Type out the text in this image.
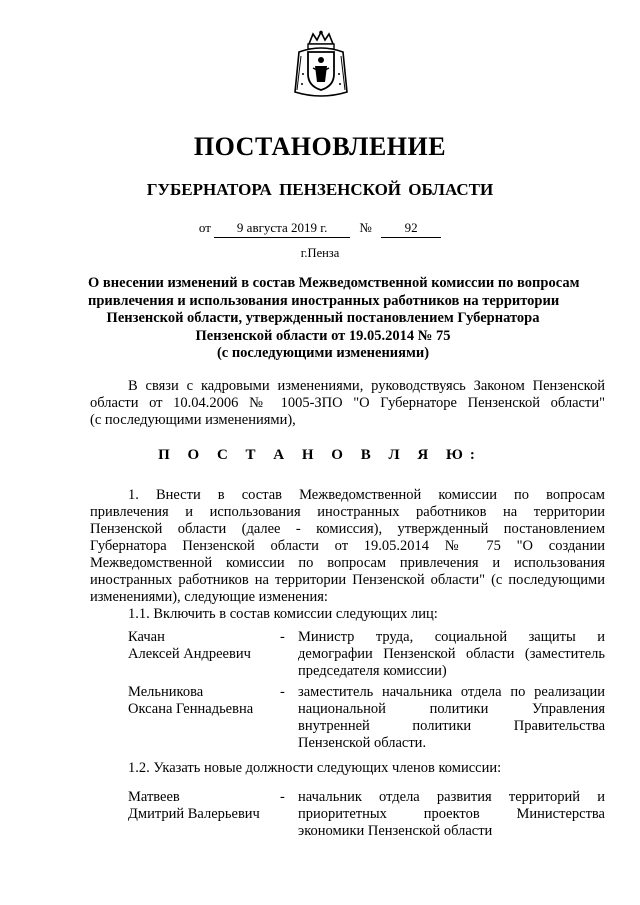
ПОСТАНОВЛЕНИЕ
ГУБЕРНАТОРА ПЕНЗЕНСКОЙ ОБЛАСТИ
от 9 августа 2019 г. №	92
г.Пенза
О внесении изменений в состав Межведомственной комиссии по вопросам
привлечения и использования иностранных работников на территории
Пензенской области, утвержденный постановлением Губернатора
Пензенской области от 19.05.2014 № 75
(с последующими изменениями)
В связи с кадровыми изменениями, руководствуясь Законом Пензенской
области от 10.04.2006 № 1005-ЗПО "О Губернаторе Пензенской области"
(с последующими изменениями),
П О С Т А Н О В Л Я Ю:
1. Внести в состав Межведомственной комиссии по вопросам
привлечения и использования иностранных работников на территории
Пензенской области (далее - комиссия), утвержденный постановлением
Губернатора Пензенской области от 19.05.2014 № 75 "О создании
Межведомственной комиссии по вопросам привлечения и использования
иностранных работников на территории Пензенской области" (с последующими
изменениями), следующие изменения:
1.1. Включить в состав комиссии следующих лиц:
Качан
Алексей Андреевич
- Министр труда, социальной защиты и
демографии Пензенской области (заместитель
председателя комиссии)
Мельникова
Оксана Геннадьевна
- заместитель начальника отдела по реализации
национальной политики Управления
внутренней политики Правительства
Пензенской области.
1.2. Указать новые должности следующих членов комиссии:
Матвеев
Дмитрий Валерьевич
- начальник отдела развития территорий и
приоритетных проектов Министерства
экономики Пензенской области
